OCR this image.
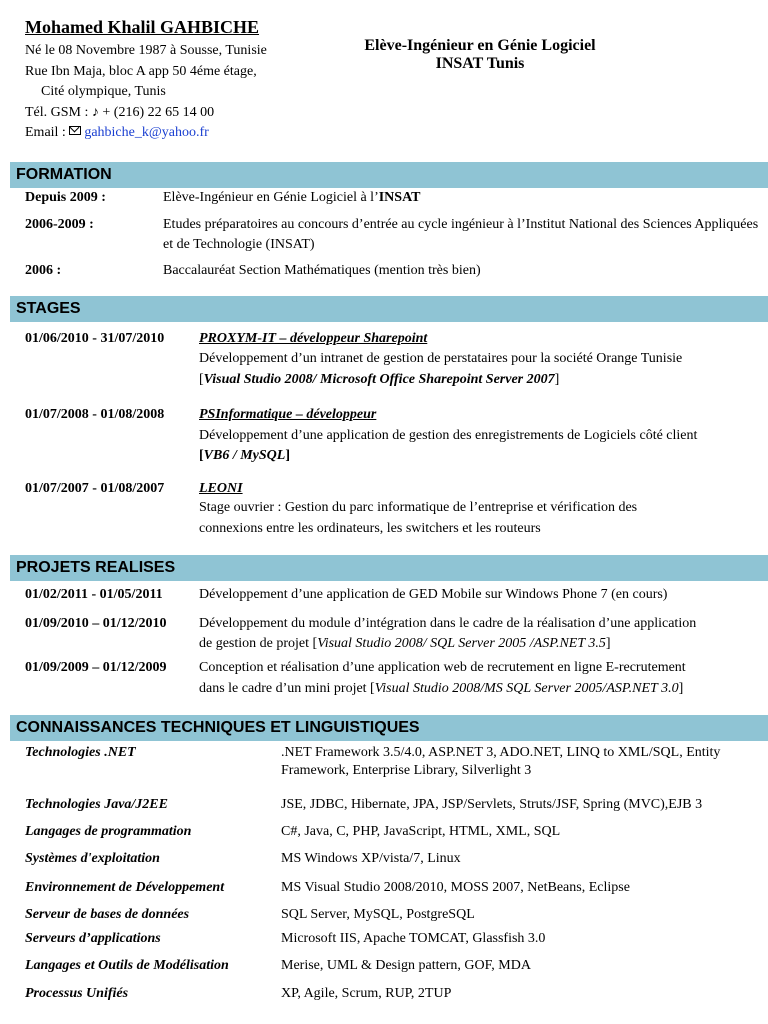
Mohamed Khalil GAHBICHE
Né le 08 Novembre 1987 à Sousse, Tunisie
Rue Ibn Maja, bloc A app 50 4éme étage,
Cité olympique, Tunis
Tél. GSM : ♪ + (216) 22 65 14 00
Email : gahbiche_k@yahoo.fr
Elève-Ingénieur en Génie Logiciel
INSAT Tunis
FORMATION
Depuis 2009 :	Elève-Ingénieur en Génie Logiciel à l’INSAT
2006-2009 :	Etudes préparatoires au concours d’entrée au cycle ingénieur à l’Institut National des Sciences Appliquées et de Technologie (INSAT)
2006 :	Baccalauréat Section Mathématiques (mention très bien)
STAGES
01/06/2010 - 31/07/2010 PROXYM-IT – développeur Sharepoint
Développement d’un intranet de gestion de perstataires pour la société Orange Tunisie
[Visual Studio 2008/ Microsoft Office Sharepoint Server 2007]
01/07/2008 - 01/08/2008 PSInformatique – développeur
Développement d’une application de gestion des enregistrements de Logiciels côté client
[VB6 / MySQL]
01/07/2007 - 01/08/2007 LEONI
Stage ouvrier : Gestion du parc informatique de l’entreprise et vérification des
connexions entre les ordinateurs, les switchers et les routeurs
PROJETS REALISES
01/02/2011 - 01/05/2011	Développement d’une application de GED Mobile sur Windows Phone 7 (en cours)
01/09/2010 – 01/12/2010 Développement du module d’intégration dans le cadre de la réalisation d’une application
de gestion de projet [Visual Studio 2008/ SQL Server 2005 /ASP.NET 3.5]
01/09/2009 – 01/12/2009 Conception et réalisation d’une application web de recrutement en ligne E-recrutement
dans le cadre d’un mini projet [Visual Studio 2008/MS SQL Server 2005/ASP.NET 3.0]
CONNAISSANCES TECHNIQUES ET LINGUISTIQUES
Technologies .NET	.NET Framework 3.5/4.0, ASP.NET 3, ADO.NET, LINQ to XML/SQL, Entity Framework, Enterprise Library, Silverlight 3
Technologies Java/J2EE	JSE, JDBC, Hibernate, JPA, JSP/Servlets, Struts/JSF, Spring (MVC),EJB 3
Langages de programmation	C#, Java, C, PHP, JavaScript, HTML, XML, SQL
Systèmes d'exploitation	MS Windows XP/vista/7, Linux
Environnement de Développement	MS Visual Studio 2008/2010, MOSS 2007, NetBeans, Eclipse
Serveur de bases de données	SQL Server, MySQL, PostgreSQL
Serveurs d’applications	Microsoft IIS, Apache TOMCAT, Glassfish 3.0
Langages et Outils de Modélisation	Merise, UML & Design pattern, GOF, MDA
Processus Unifiés	XP, Agile, Scrum, RUP, 2TUP
